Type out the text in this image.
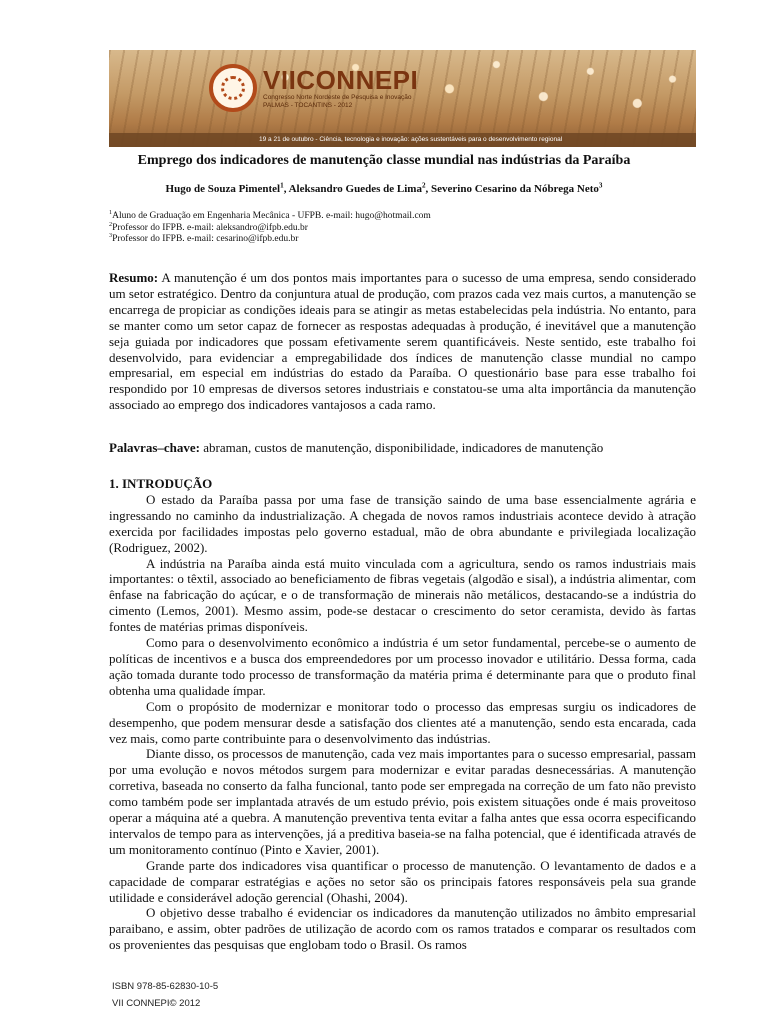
VIICONNEPI
Congresso Norte Nordeste de Pesquisa e Inovação
PALMAS - TOCANTINS - 2012
19 a 21 de outubro - Ciência, tecnologia e inovação: ações sustentáveis para o desenvolvimento regional
Emprego dos indicadores de manutenção classe mundial nas indústrias da Paraíba
Hugo de Souza Pimentel$^1$, Aleksandro Guedes de Lima$^2$, Severino Cesarino da Nóbrega Neto$^3$
$^1$Aluno de Graduação em Engenharia Mecânica - UFPB. e-mail: hugo@hotmail.com
$^2$Professor do IFPB. e-mail: aleksandro@ifpb.edu.br
$^3$Professor do IFPB. e-mail: cesarino@ifpb.edu.br
Resumo: A manutenção é um dos pontos mais importantes para o sucesso de uma empresa, sendo considerado um setor estratégico. Dentro da conjuntura atual de produção, com prazos cada vez mais curtos, a manutenção se encarrega de propiciar as condições ideais para se atingir as metas estabelecidas pela indústria. No entanto, para se manter como um setor capaz de fornecer as respostas adequadas à produção, é inevitável que a manutenção seja guiada por indicadores que possam efetivamente serem quantificáveis. Neste sentido, este trabalho foi desenvolvido, para evidenciar a empregabilidade dos índices de manutenção classe mundial no campo empresarial, em especial em indústrias do estado da Paraíba. O questionário base para esse trabalho foi respondido por 10 empresas de diversos setores industriais e constatou-se uma alta importância da manutenção associado ao emprego dos indicadores vantajosos a cada ramo.
Palavras–chave: abraman, custos de manutenção, disponibilidade, indicadores de manutenção
1. INTRODUÇÃO

O estado da Paraíba passa por uma fase de transição saindo de uma base essencialmente agrária e ingressando no caminho da industrialização. A chegada de novos ramos industriais acontece devido à atração exercida por facilidades impostas pelo governo estadual, mão de obra abundante e privilegiada localização (Rodriguez, 2002).

A indústria na Paraíba ainda está muito vinculada com a agricultura, sendo os ramos industriais mais importantes: o têxtil, associado ao beneficiamento de fibras vegetais (algodão e sisal), a indústria alimentar, com ênfase na fabricação do açúcar, e o de transformação de minerais não metálicos, destacando-se a indústria do cimento (Lemos, 2001). Mesmo assim, pode-se destacar o crescimento do setor ceramista, devido às fartas fontes de matérias primas disponíveis.

Como para o desenvolvimento econômico a indústria é um setor fundamental, percebe-se o aumento de políticas de incentivos e a busca dos empreendedores por um processo inovador e utilitário. Dessa forma, cada ação tomada durante todo processo de transformação da matéria prima é determinante para que o produto final obtenha uma qualidade ímpar.

Com o propósito de modernizar e monitorar todo o processo das empresas surgiu os indicadores de desempenho, que podem mensurar desde a satisfação dos clientes até a manutenção, sendo esta encarada, cada vez mais, como parte contribuinte para o desenvolvimento das indústrias.

Diante disso, os processos de manutenção, cada vez mais importantes para o sucesso empresarial, passam por uma evolução e novos métodos surgem para modernizar e evitar paradas desnecessárias. A manutenção corretiva, baseada no conserto da falha funcional, tanto pode ser empregada na correção de um fato não previsto como também pode ser implantada através de um estudo prévio, pois existem situações onde é mais proveitoso operar a máquina até a quebra. A manutenção preventiva tenta evitar a falha antes que essa ocorra especificando intervalos de tempo para as intervenções, já a preditiva baseia-se na falha potencial, que é identificada através de um monitoramento contínuo (Pinto e Xavier, 2001).

Grande parte dos indicadores visa quantificar o processo de manutenção. O levantamento de dados e a capacidade de comparar estratégias e ações no setor são os principais fatores responsáveis pela sua grande utilidade e considerável adoção gerencial (Ohashi, 2004).

O objetivo desse trabalho é evidenciar os indicadores da manutenção utilizados no âmbito empresarial paraibano, e assim, obter padrões de utilização de acordo com os ramos tratados e comparar os resultados com os provenientes das pesquisas que englobam todo o Brasil. Os ramos

ISBN 978-85-62830-10-5
VII CONNEPI© 2012
